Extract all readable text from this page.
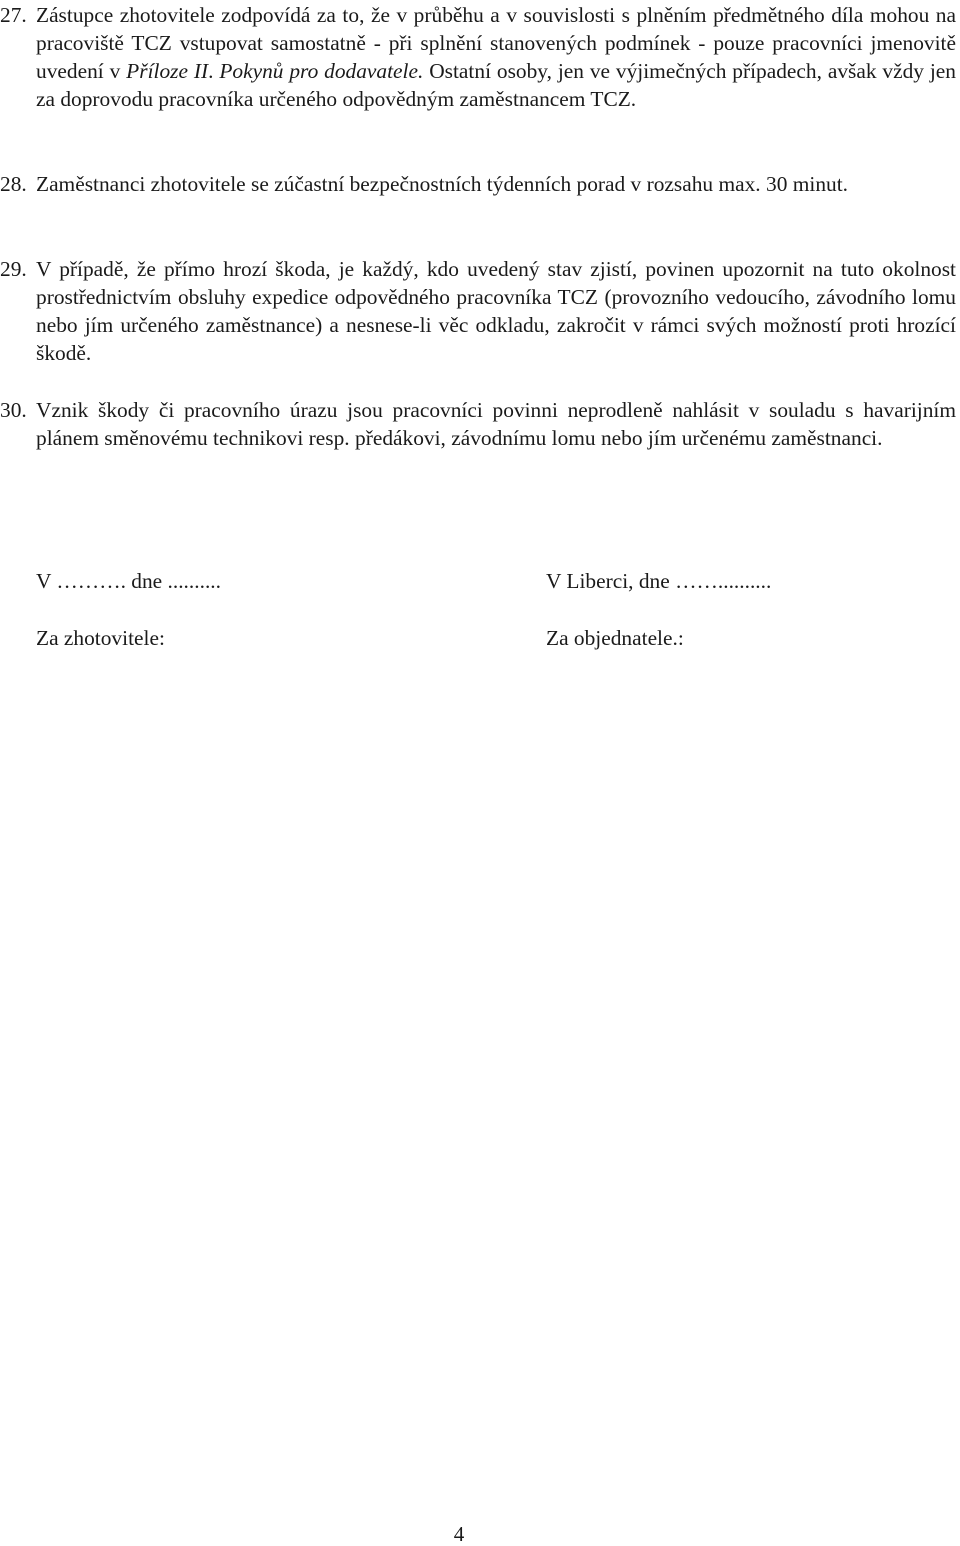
27. Zástupce zhotovitele zodpovídá za to, že v průběhu a v souvislosti s plněním předmětného díla mohou na pracoviště TCZ vstupovat samostatně - při splnění stanovených podmínek - pouze pracovníci jmenovitě uvedení v Příloze II. Pokynů pro dodavatele. Ostatní osoby, jen ve výjimečných případech, avšak vždy jen za doprovodu pracovníka určeného odpovědným zaměstnancem TCZ.
28. Zaměstnanci zhotovitele se zúčastní bezpečnostních týdenních porad v rozsahu max. 30 minut.
29. V případě, že přímo hrozí škoda, je každý, kdo uvedený stav zjistí, povinen upozornit na tuto okolnost prostřednictvím obsluhy expedice odpovědného pracovníka TCZ (provozního vedoucího, závodního lomu nebo jím určeného zaměstnance) a nesnese-li věc odkladu, zakročit v rámci svých možností proti hrozící škodě.
30. Vznik škody či pracovního úrazu jsou pracovníci povinni neprodleně nahlásit v souladu s havarijním plánem směnovému technikovi resp. předákovi, závodnímu lomu nebo jím určenému zaměstnanci.
V ………. dne ..........	V Liberci, dne ……..........
Za zhotovitele:	Za objednatele.:
4
